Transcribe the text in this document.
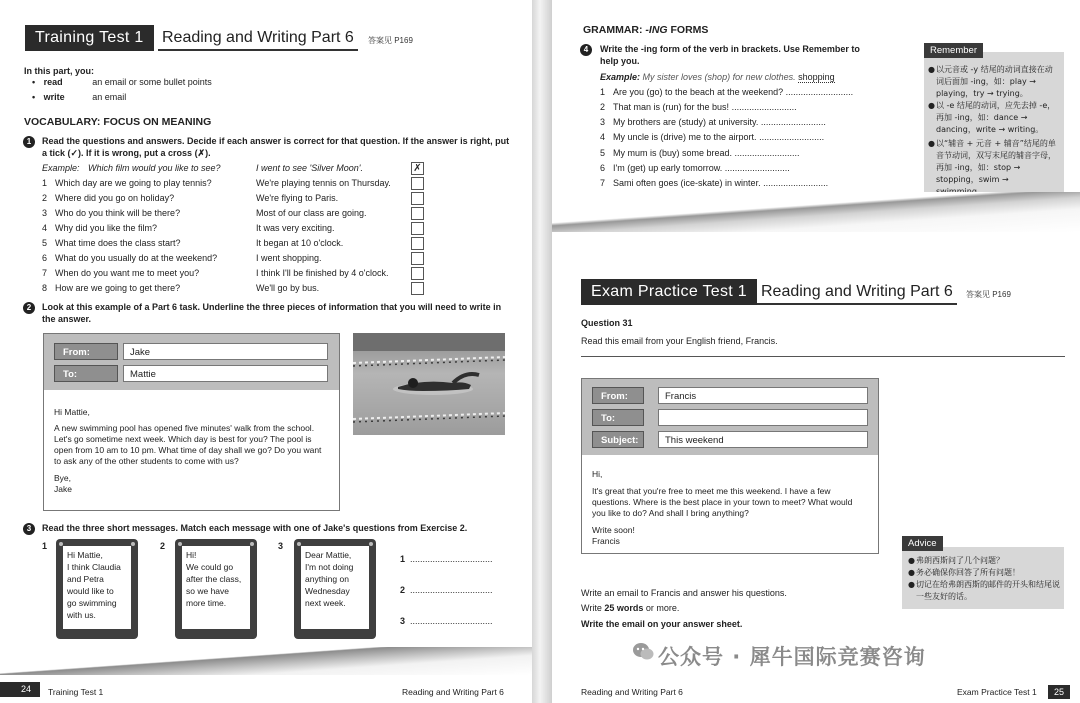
Training Test 1	Reading and Writing Part 6	答案见 P169
In this part, you:
• read	an email or some bullet points
• write	an email
VOCABULARY: FOCUS ON MEANING
1	Read the questions and answers. Decide if each answer is correct for that question. If the answer is right, put a tick (✓). If it is wrong, put a cross (✗).
Example: Which film would you like to see?	I went to see 'Silver Moon'.	✗
1 Which day are we going to play tennis?	We're playing tennis on Thursday.
2 Where did you go on holiday?	We're flying to Paris.
3 Who do you think will be there?	Most of our class are going.
4 Why did you like the film?	It was very exciting.
5 What time does the class start?	It began at 10 o'clock.
6 What do you usually do at the weekend?	I went shopping.
7 When do you want me to meet you?	I think I'll be finished by 4 o'clock.
8 How are we going to get there?	We'll go by bus.
2	Look at this example of a Part 6 task. Underline the three pieces of information that you will need to write in the answer.
From:	Jake
To:	Mattie
Hi Mattie,
A new swimming pool has opened five minutes' walk from the school. Let's go sometime next week. Which day is best for you? The pool is open from 10 am to 10 pm. What time of day shall we go? Do you want to ask any of the other students to come with us?
Bye,
Jake
3	Read the three short messages. Match each message with one of Jake's questions from Exercise 2.
1
Hi Mattie,
I think Claudia
and Petra
would like to
go swimming
with us.
2
Hi!
We could go
after the class,
so we have
more time.
3
Dear Mattie,
I'm not doing
anything on
Wednesday
next week.
1 .................................
2 .................................
3 .................................
24 Training Test 1	Reading and Writing Part 6
GRAMMAR: -ING FORMS
4	Write the -ing form of the verb in brackets. Use Remember to help you.
Example: My sister loves (shop) for new clothes. shopping
1 Are you (go) to the beach at the weekend? ...........................
2 That man is (run) for the bus! ..........................
3 My brothers are (study) at university. ..........................
4 My uncle is (drive) me to the airport. ..........................
5 My mum is (buy) some bread. ..........................
6 I'm (get) up early tomorrow. ..........................
7 Sami often goes (ice-skate) in winter. ..........................
● 以元音或 -y 结尾的动词直接在动词后面加 -ing，如：play → playing，try → trying。
● 以 -e 结尾的动词，应先去掉 -e，再加 -ing，如：dance → dancing，write → writing。
● 以“辅音 + 元音 + 辅音”结尾的单音节动词，双写末尾的辅音字母，再加 -ing，如：stop → stopping，swim →
Remember
Exam Practice Test 1 Reading and Writing Part 6	答案见 P169
Question 31
Read this email from your English friend, Francis.
From:	Francis
To:
Subject:	This weekend
Hi,
It's great that you're free to meet me this weekend. I have a few questions. Where is the best place in your town to meet? What would you like to do? And shall I bring anything?
Write soon!
Francis
● 弗朗西斯问了几个问题？
● 务必确保你回答了所有问题！
● 切记在给弗朗西斯的邮件的开头和结尾说一些友好的话。
Advice
Write an email to Francis and answer his questions.
Write 25 words or more.
Write the email on your answer sheet.
公众号 · 犀牛国际竞赛咨询
Reading and Writing Part 6	Exam Practice Test 1	25
